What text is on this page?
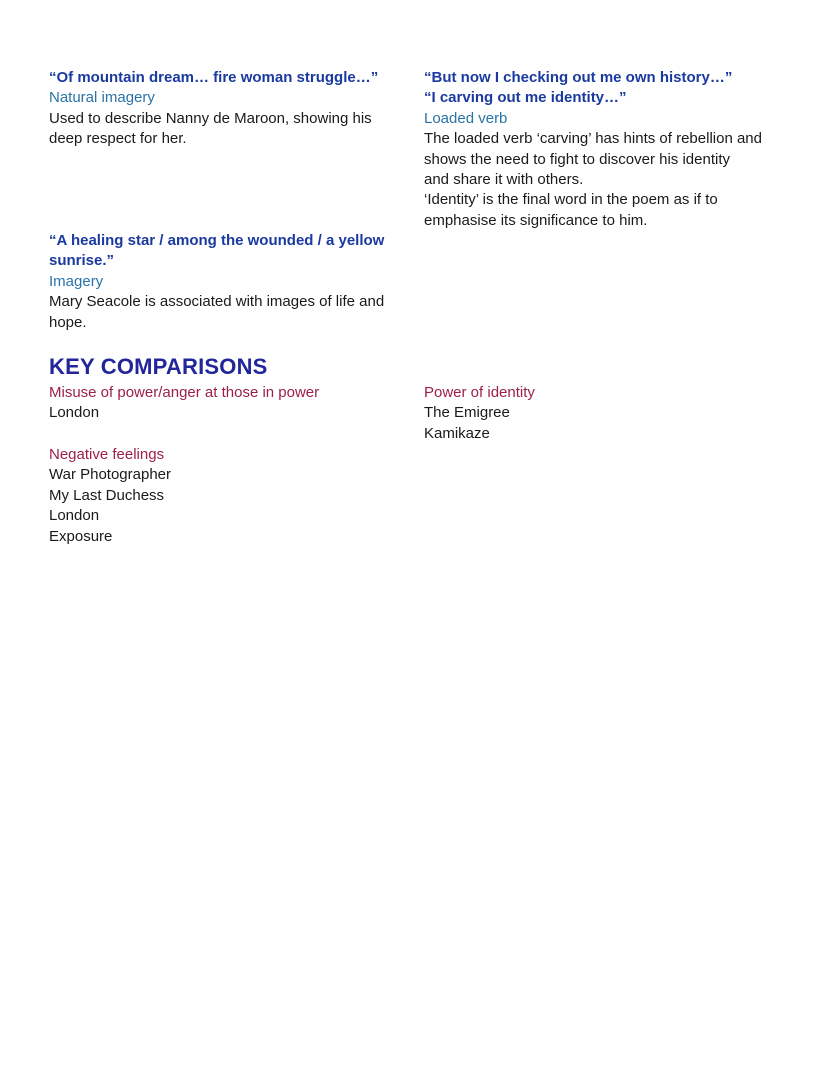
“Of mountain dream… fire woman struggle…”
Natural imagery
Used to describe Nanny de Maroon, showing his
deep respect for her.
“But now I checking out me own history…”
“I carving out me identity…”
Loaded verb
The loaded verb ‘carving’ has hints of rebellion and
shows the need to fight to discover his identity
and share it with others.
‘Identity’ is the final word in the poem as if to
emphasise its significance to him.
“A healing star / among the wounded / a yellow
sunrise.”
Imagery
Mary Seacole is associated with images of life and
hope.
KEY COMPARISONS
Misuse of power/anger at those in power
London
Power of identity
The Emigree
Kamikaze
Negative feelings
War Photographer
My Last Duchess
London
Exposure
